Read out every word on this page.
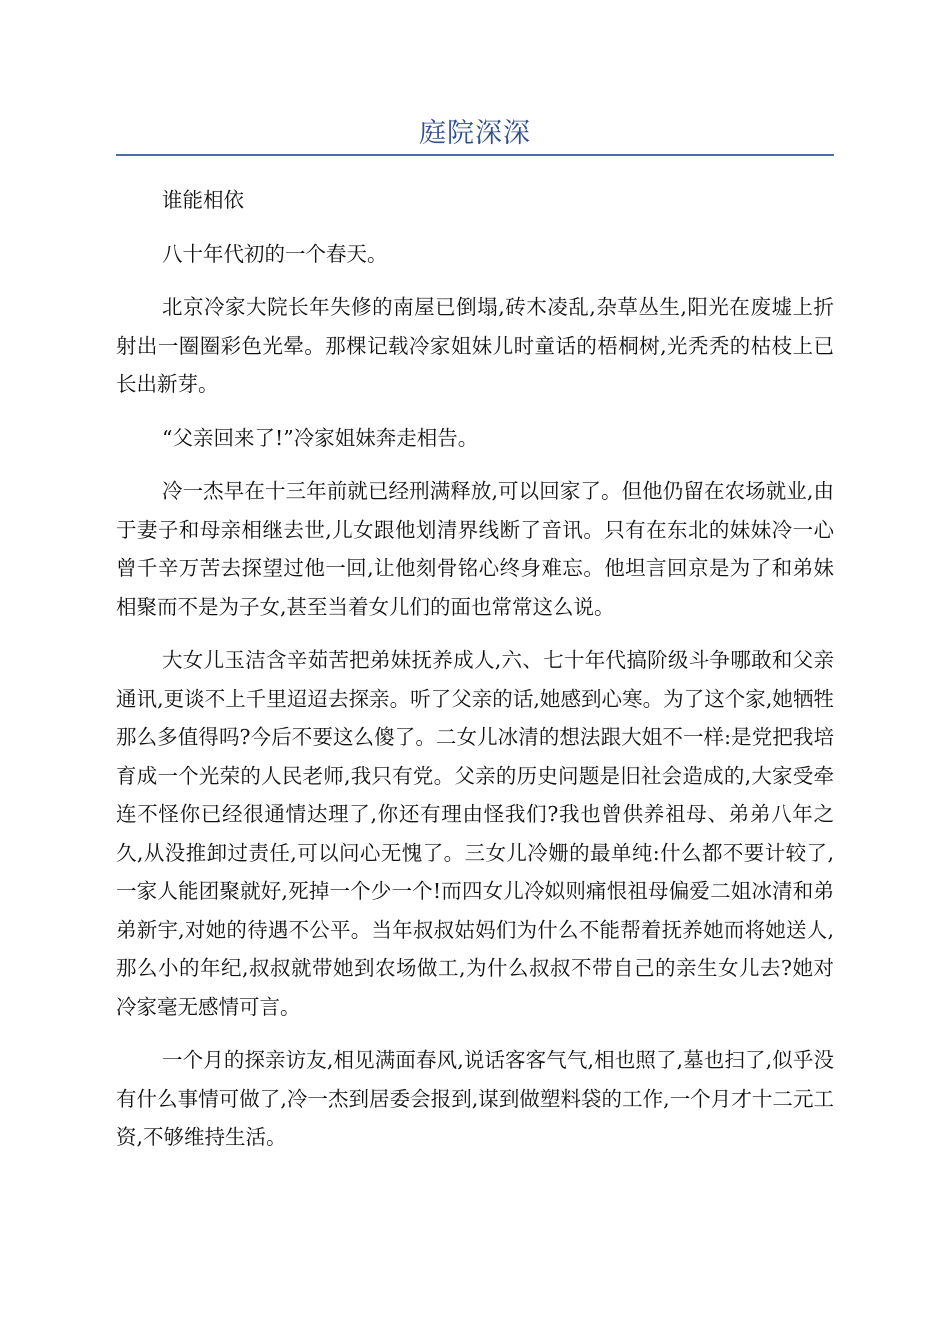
庭院深深

谁能相依

八十年代初的一个春天。

北京冷家大院长年失修的南屋已倒塌,砖木凌乱,杂草丛生,阳光在废墟上折射出一圈圈彩色光晕。那棵记载冷家姐妹儿时童话的梧桐树,光秃秃的枯枝上已长出新芽。

“父亲回来了!”冷家姐妹奔走相告。

冷一杰早在十三年前就已经刑满释放,可以回家了。但他仍留在农场就业,由于妻子和母亲相继去世,儿女跟他划清界线断了音讯。只有在东北的妹妹冷一心曾千辛万苦去探望过他一回,让他刻骨铭心终身难忘。他坦言回京是为了和弟妹相聚而不是为子女,甚至当着女儿们的面也常常这么说。

大女儿玉洁含辛茹苦把弟妹抚养成人,六、七十年代搞阶级斗争哪敢和父亲通讯,更谈不上千里迢迢去探亲。听了父亲的话,她感到心寒。为了这个家,她牺牲那么多值得吗?今后不要这么傻了。二女儿冰清的想法跟大姐不一样:是党把我培育成一个光荣的人民老师,我只有党。父亲的历史问题是旧社会造成的,大家受牵连不怪你已经很通情达理了,你还有理由怪我们?我也曾供养祖母、弟弟八年之久,从没推卸过责任,可以问心无愧了。三女儿冷姗的最单纯:什么都不要计较了,一家人能团聚就好,死掉一个少一个!而四女儿冷姒则痛恨祖母偏爱二姐冰清和弟弟新宇,对她的待遇不公平。当年叔叔姑妈们为什么不能帮着抚养她而将她送人,那么小的年纪,叔叔就带她到农场做工,为什么叔叔不带自己的亲生女儿去?她对冷家毫无感情可言。

一个月的探亲访友,相见满面春风,说话客客气气,相也照了,墓也扫了,似乎没有什么事情可做了,冷一杰到居委会报到,谋到做塑料袋的工作,一个月才十二元工资,不够维持生活。
